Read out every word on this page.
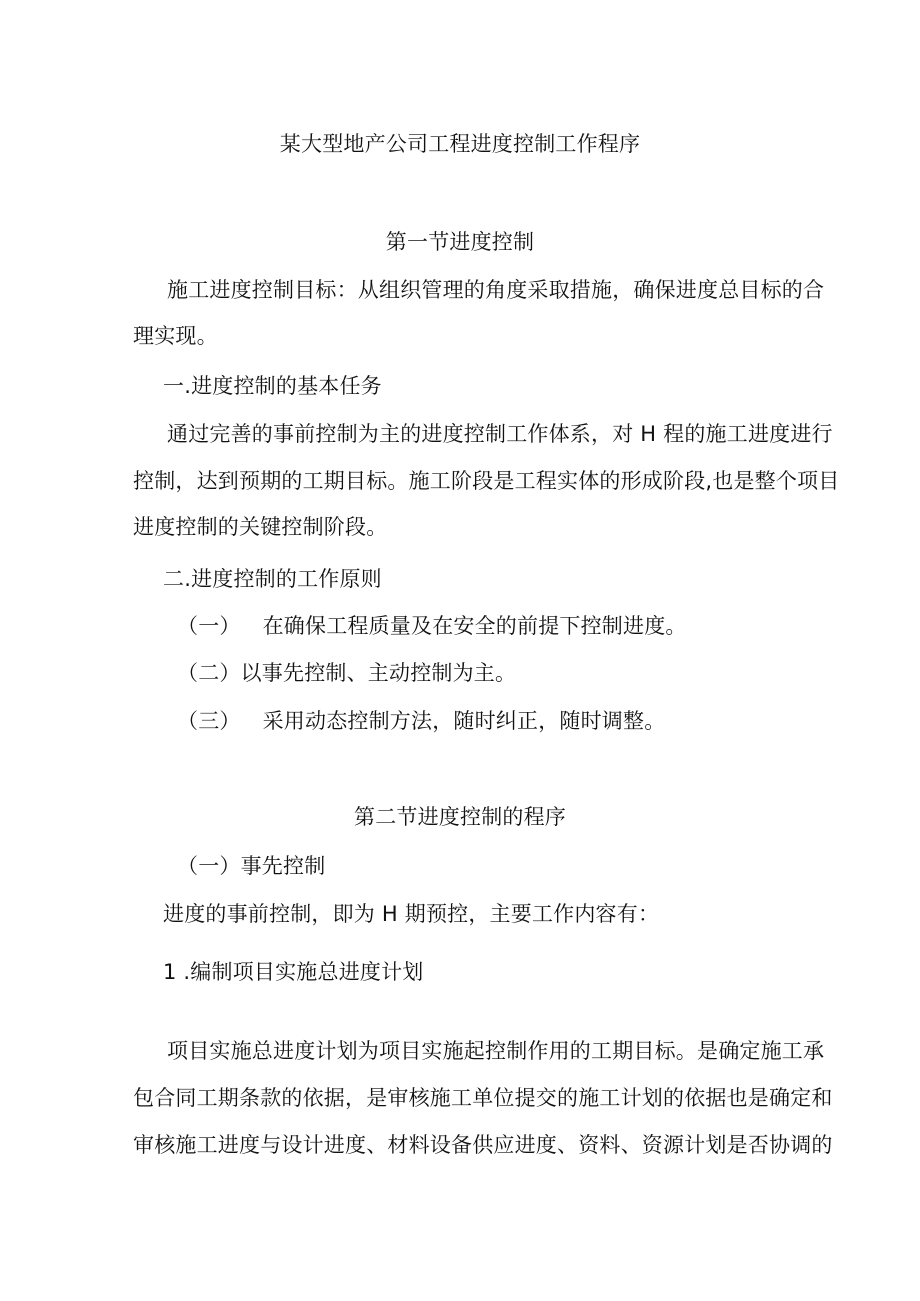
某大型地产公司工程进度控制工作程序
第一节进度控制
施工进度控制目标：从组织管理的角度采取措施，确保进度总目标的合
理实现。
一.进度控制的基本任务
通过完善的事前控制为主的进度控制工作体系，对 H 程的施工进度进行
控制，达到预期的工期目标。施工阶段是工程实体的形成阶段,也是整个项目
进度控制的关键控制阶段。
二.进度控制的工作原则
（一） 在确保工程质量及在安全的前提下控制进度。
（二）以事先控制、主动控制为主。
（三） 采用动态控制方法，随时纠正，随时调整。
第二节进度控制的程序
（一）事先控制
进度的事前控制，即为 H 期预控，主要工作内容有：
1 .编制项目实施总进度计划
项目实施总进度计划为项目实施起控制作用的工期目标。是确定施工承
包合同工期条款的依据，是审核施工单位提交的施工计划的依据也是确定和
审核施工进度与设计进度、材料设备供应进度、资料、资源计划是否协调的
